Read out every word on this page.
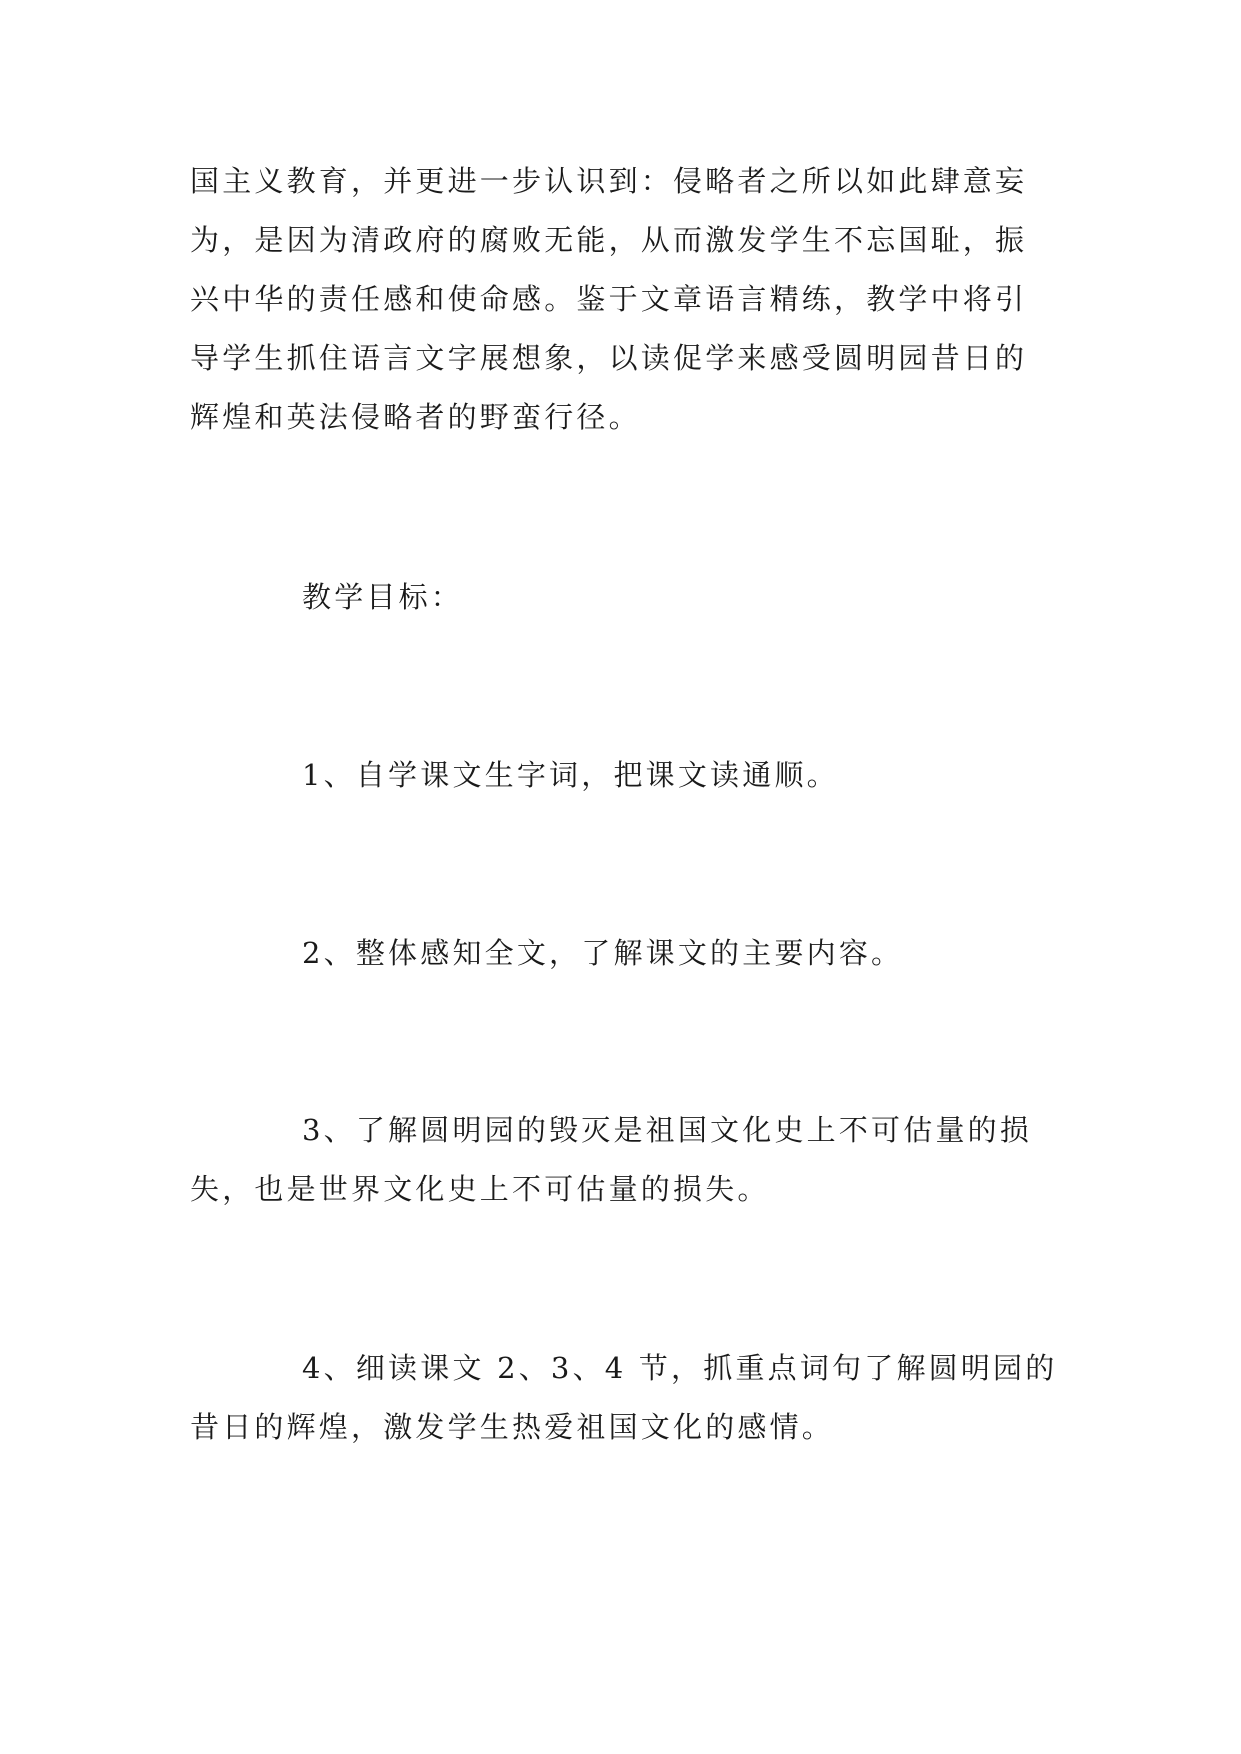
国主义教育，并更进一步认识到：侵略者之所以如此肆意妄
为，是因为清政府的腐败无能，从而激发学生不忘国耻，振
兴中华的责任感和使命感。鉴于文章语言精练，教学中将引
导学生抓住语言文字展想象，以读促学来感受圆明园昔日的
辉煌和英法侵略者的野蛮行径。

教学目标：

1、自学课文生字词，把课文读通顺。

2、整体感知全文，了解课文的主要内容。

3、了解圆明园的毁灭是祖国文化史上不可估量的损
失，也是世界文化史上不可估量的损失。

4、细读课文 2、3、4 节，抓重点词句了解圆明园的
昔日的辉煌，激发学生热爱祖国文化的感情。
